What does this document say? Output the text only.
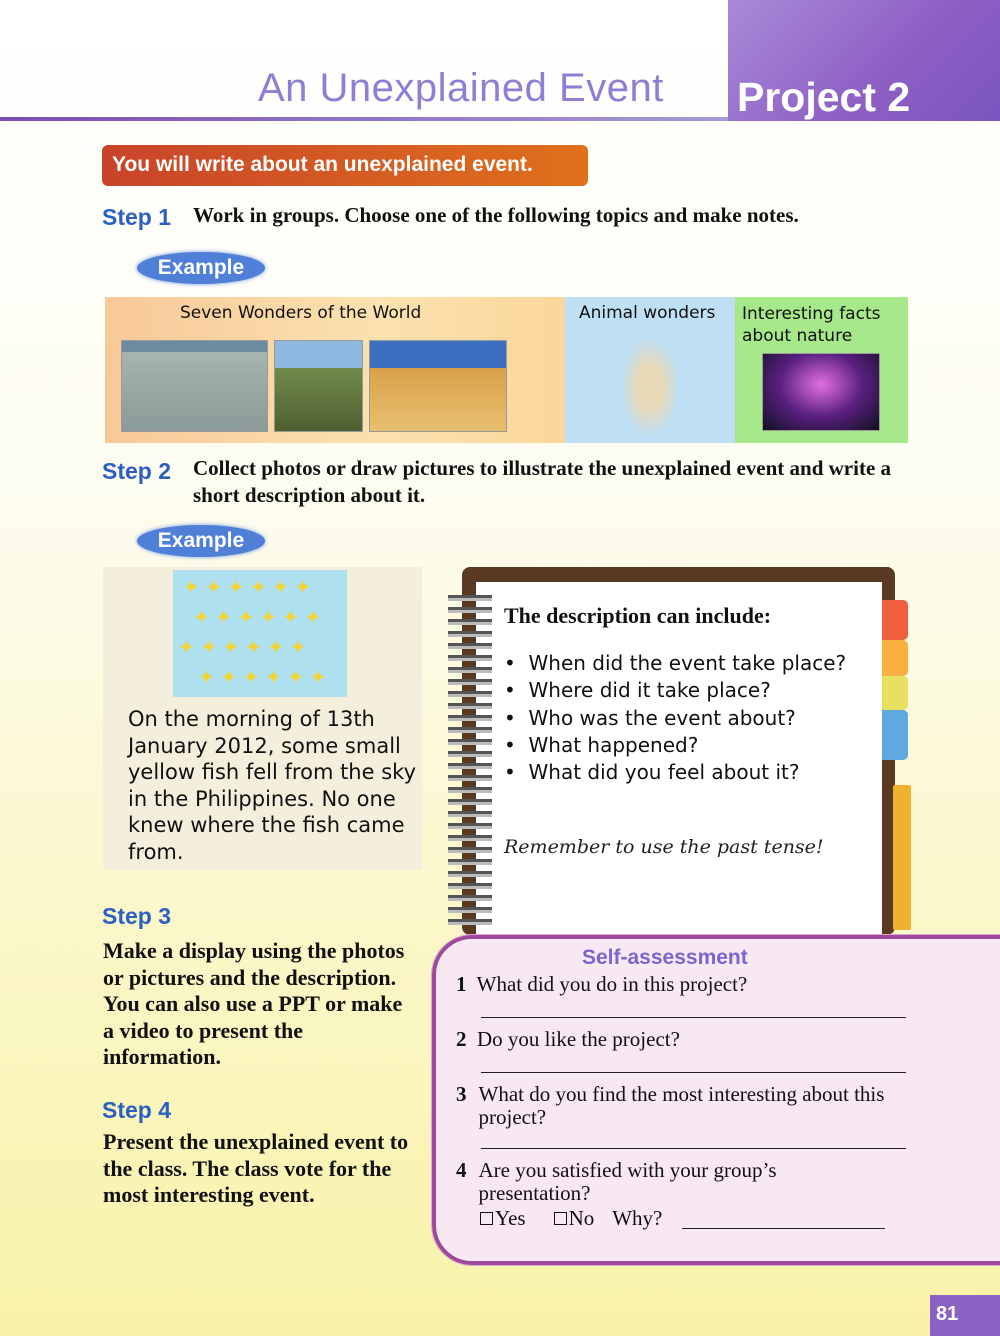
An Unexplained Event Project 2
You will write about an unexplained event.
Step 1 Work in groups. Choose one of the following topics and make notes.
Example
Seven Wonders of the World	Animal wonders Interesting facts about nature
Step 2 Collect photos or draw pictures to illustrate the unexplained event and write a short description about it.
Example
✦ ✦ ✦ ✦ ✦ ✦
✦ ✦ ✦ ✦ ✦ ✦
✦ ✦ ✦ ✦ ✦ ✦
✦ ✦ ✦ ✦ ✦ ✦
On the morning of 13th January 2012, some small yellow fish fell from the sky in the Philippines. No one knew where the fish came from.
The description can include:
•  When did the event take place?
•  Where did it take place?
•  Who was the event about?
•  What happened?
•  What did you feel about it?
Remember to use the past tense!
Step 3
Make a display using the photos or pictures and the description. You can also use a PPT or make a video to present the information.
Step 4
Present the unexplained event to the class. The class vote for the most interesting event.
Self-assessment
1 What did you do in this project?
2 Do you like the project?
3 What do you find the most interesting about this project?
4 Are you satisfied with your group’s presentation?
Yes No Why?
81
